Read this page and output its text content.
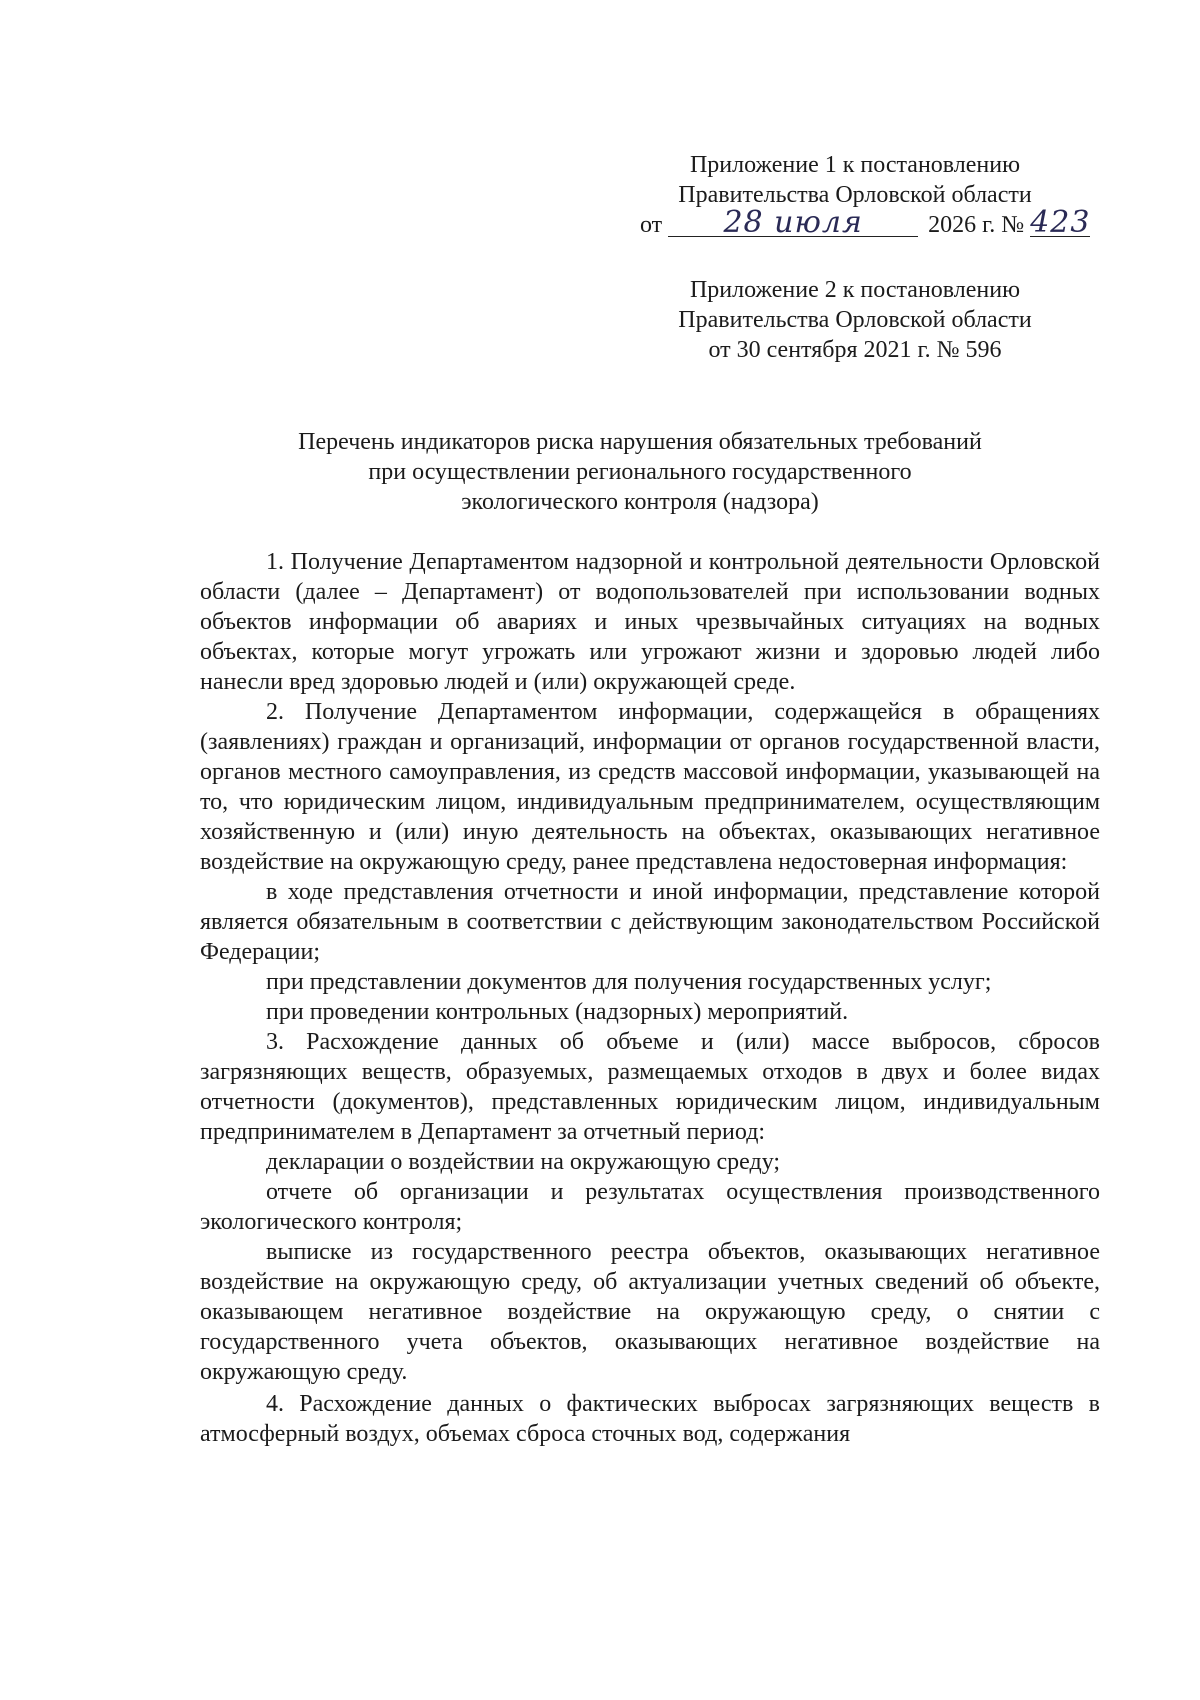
Приложение 1 к постановлению
Правительства Орловской области
от 28 июля	2026 г. № 423
Приложение 2 к постановлению
Правительства Орловской области
от 30 сентября 2021 г. № 596
Перечень индикаторов риска нарушения обязательных требований
при осуществлении регионального государственного
экологического контроля (надзора)

1. Получение Департаментом надзорной и контрольной деятельности Орловской области (далее – Департамент) от водопользователей при использовании водных объектов информации об авариях и иных чрезвычайных ситуациях на водных объектах, которые могут угрожать или угрожают жизни и здоровью людей либо нанесли вред здоровью людей и (или) окружающей среде.

2. Получение Департаментом информации, содержащейся в обращениях (заявлениях) граждан и организаций, информации от органов государственной власти, органов местного самоуправления, из средств массовой информации, указывающей на то, что юридическим лицом, индивидуальным предпринимателем, осуществляющим хозяйственную и (или) иную деятельность на объектах, оказывающих негативное воздействие на окружающую среду, ранее представлена недостоверная информация:

в ходе представления отчетности и иной информации, представление которой является обязательным в соответствии с действующим законодательством Российской Федерации;

при представлении документов для получения государственных услуг;

при проведении контрольных (надзорных) мероприятий.

3. Расхождение данных об объеме и (или) массе выбросов, сбросов загрязняющих веществ, образуемых, размещаемых отходов в двух и более видах отчетности (документов), представленных юридическим лицом, индивидуальным предпринимателем в Департамент за отчетный период:

декларации о воздействии на окружающую среду;

отчете об организации и результатах осуществления производственного экологического контроля;

выписке из государственного реестра объектов, оказывающих негативное воздействие на окружающую среду, об актуализации учетных сведений об объекте, оказывающем негативное воздействие на окружающую среду, о снятии с государственного учета объектов, оказывающих негативное воздействие на окружающую среду.

4. Расхождение данных о фактических выбросах загрязняющих веществ в атмосферный воздух, объемах сброса сточных вод, содержания
